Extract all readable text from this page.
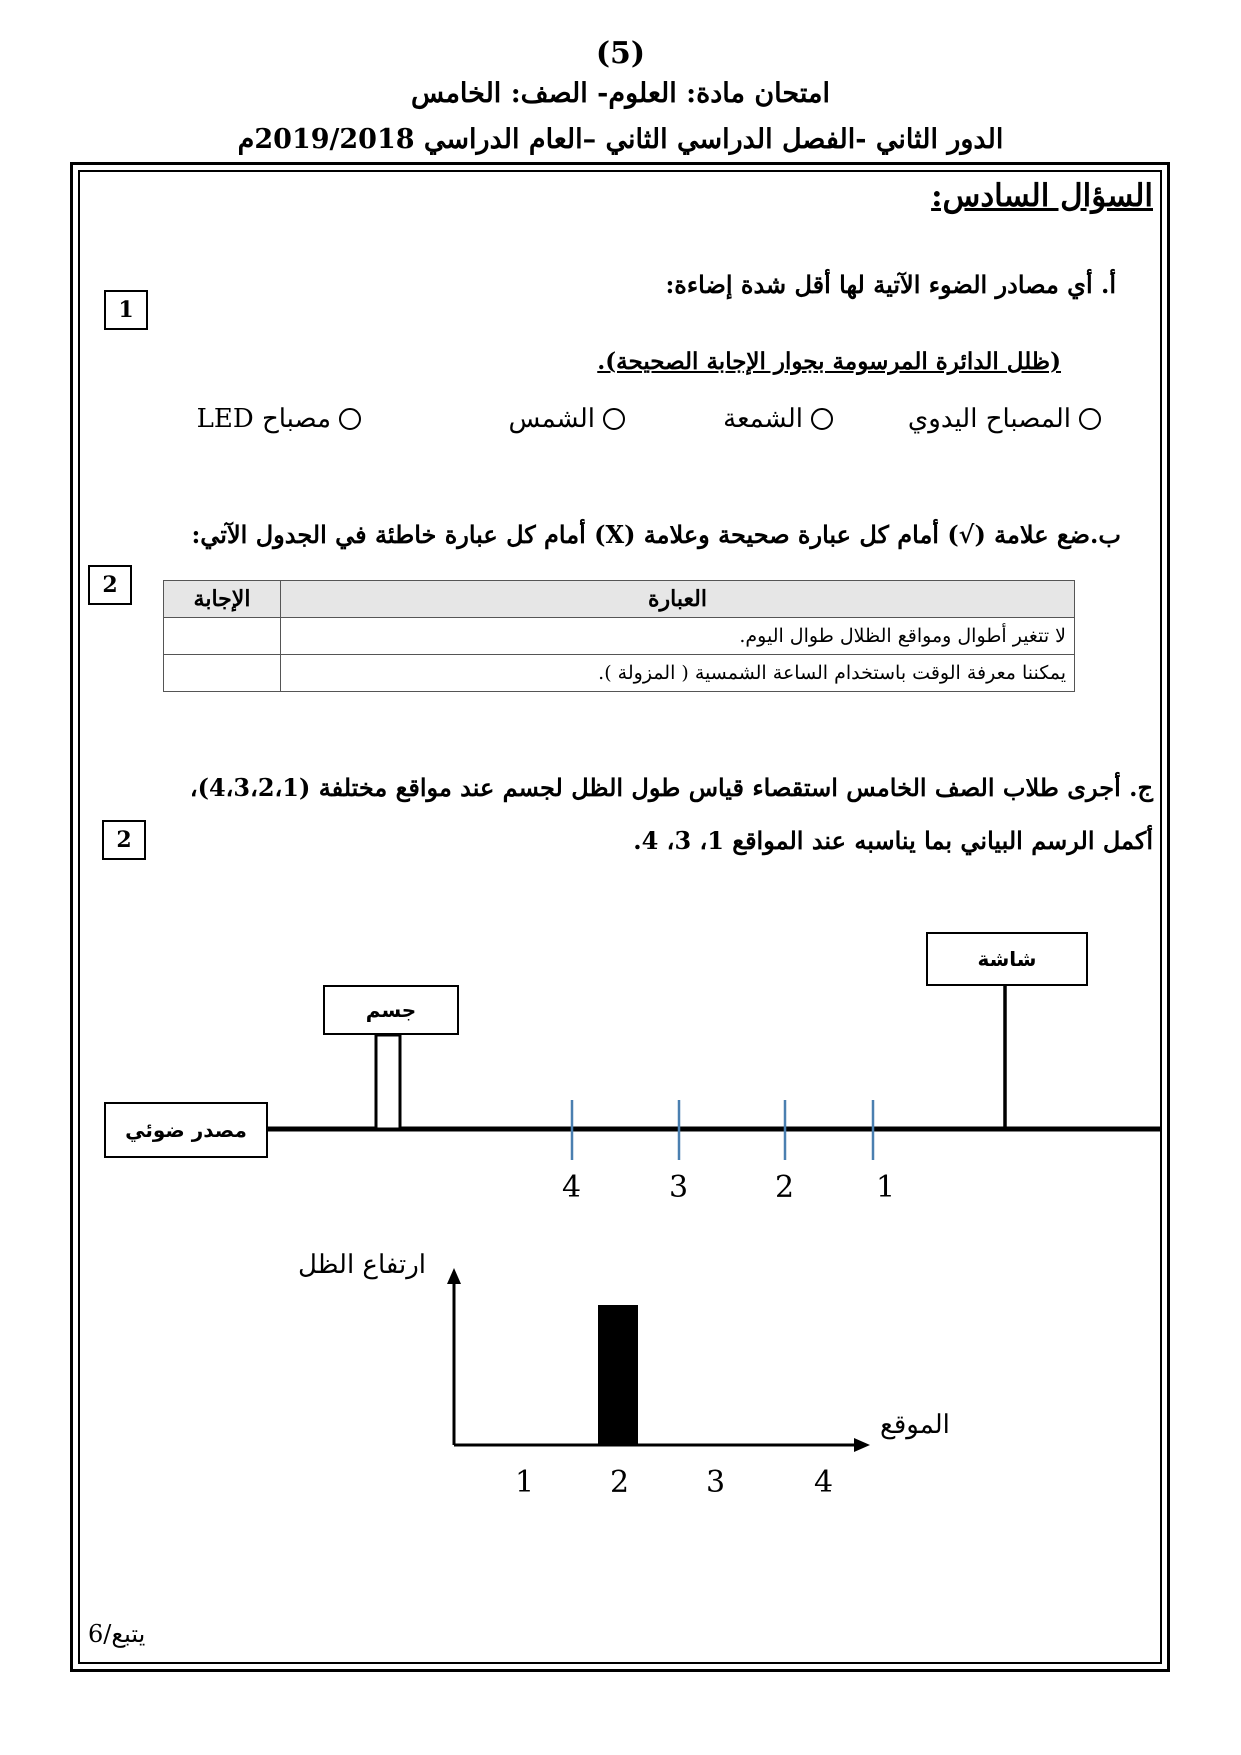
(5)
امتحان مادة: العلوم- الصف: الخامس
الدور الثاني -الفصل الدراسي الثاني –العام الدراسي 2019/2018م
السؤال السادس:
1
أ. أي مصادر الضوء الآتية لها أقل شدة إضاءة:
(ظلل الدائرة المرسومة بجوار الإجابة الصحيحة).
المصباح اليدوي
الشمعة
الشمس
مصباح LED
ب.ضع علامة (√) أمام كل عبارة صحيحة وعلامة (X) أمام كل عبارة خاطئة في الجدول الآتي:
2
الإجابة	العبارة
	لا تتغير أطوال ومواقع الظلال طوال اليوم.
	يمكننا معرفة الوقت باستخدام الساعة الشمسية ( المزولة ).
ج. أجرى طلاب الصف الخامس استقصاء قياس طول الظل لجسم عند مواقع مختلفة (4،3،2،1)،
أكمل الرسم البياني بما يناسبه عند المواقع 1، 3، 4.
2
شاشة
جسم
مصدر ضوئي
4	3	2	1
1	2	3	4
ارتفاع الظل
الموقع
يتبع/6
